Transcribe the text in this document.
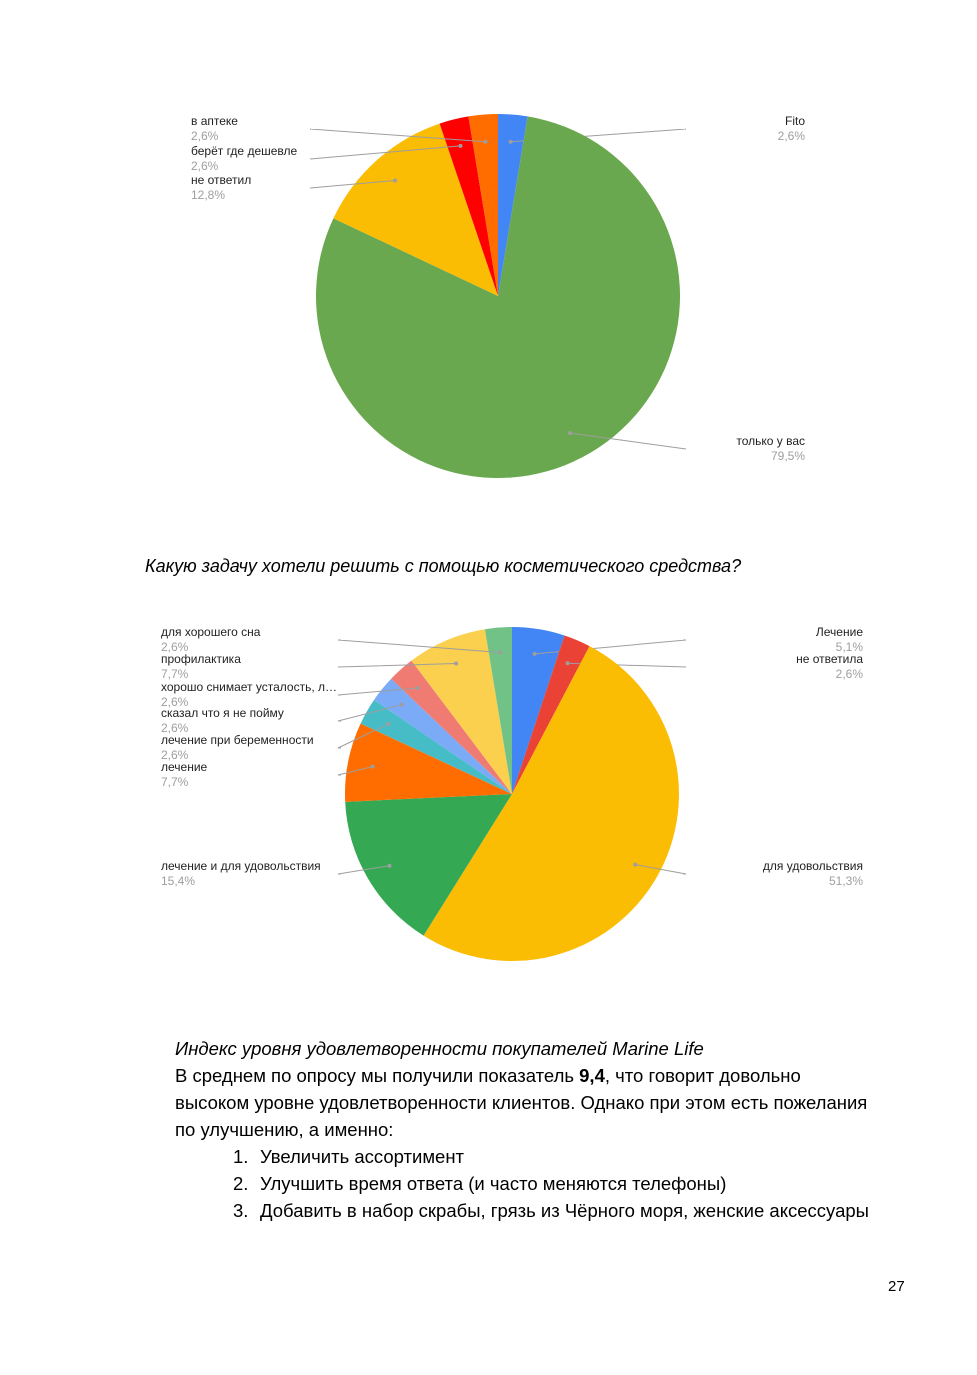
Fito
2,6%
только у вас
79,5%
не ответил
12,8%
берёт где дешевле
2,6%
в аптеке
2,6%

Какую задачу хотели решить с помощью косметического средства?

Лечение
5,1%
не ответила
2,6%
для удовольствия
51,3%
лечение и для удовольствия
15,4%
лечение
7,7%
лечение при беременности
2,6%
сказал что я не пойму
2,6%
хорошо снимает усталость, л…
2,6%
профилактика
7,7%
для хорошего сна
2,6%

Индекс уровня удовлетворенности покупателей Marine Life

В среднем по опросу мы получили показатель 9,4, что говорит довольно высоком уровне удовлетворенности клиентов. Однако при этом есть пожелания по улучшению, а именно:

1. Увеличить ассортимент
2. Улучшить время ответа (и часто меняются телефоны)
3. Добавить в набор скрабы, грязь из Чёрного моря, женские аксессуары
27
